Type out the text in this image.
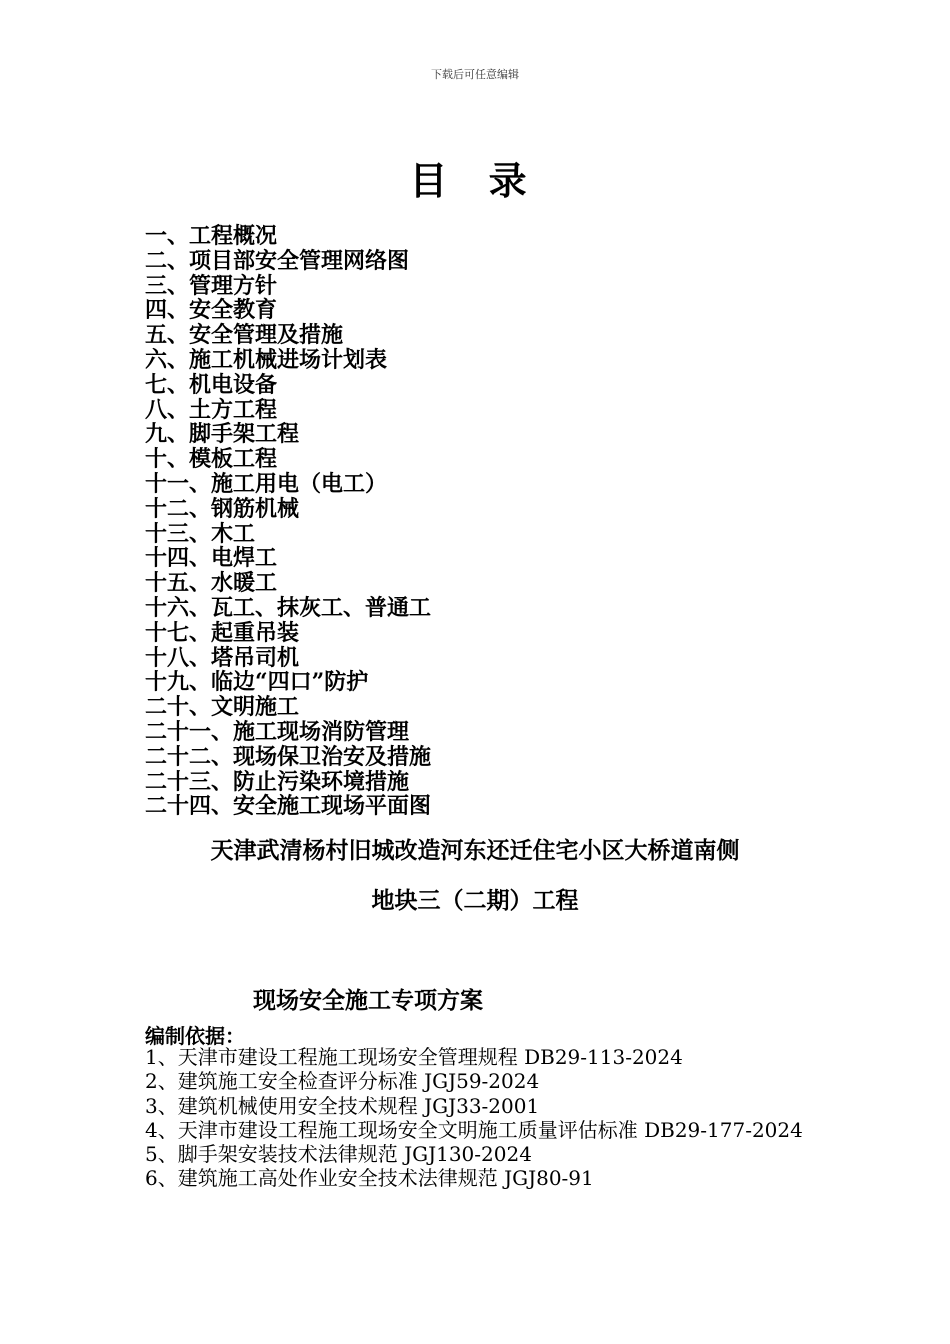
下载后可任意编辑
目 录
一、工程概况
二、项目部安全管理网络图
三、管理方针
四、安全教育
五、安全管理及措施
六、施工机械进场计划表
七、机电设备
八、土方工程
九、脚手架工程
十、模板工程
十一、施工用电（电工）
十二、钢筋机械
十三、木工
十四、电焊工
十五、水暖工
十六、瓦工、抹灰工、普通工
十七、起重吊装
十八、塔吊司机
十九、临边“四口”防护
二十、文明施工
二十一、施工现场消防管理
二十二、现场保卫治安及措施
二十三、防止污染环境措施
二十四、安全施工现场平面图
天津武清杨村旧城改造河东还迁住宅小区大桥道南侧
地块三（二期）工程
现场安全施工专项方案
编制依据：
1、天津市建设工程施工现场安全管理规程 DB29-113-2024
2、建筑施工安全检查评分标准 JGJ59-2024
3、建筑机械使用安全技术规程 JGJ33-2001
4、天津市建设工程施工现场安全文明施工质量评估标准 DB29-177-2024
5、脚手架安装技术法律规范 JGJ130-2024
6、建筑施工高处作业安全技术法律规范 JGJ80-91
